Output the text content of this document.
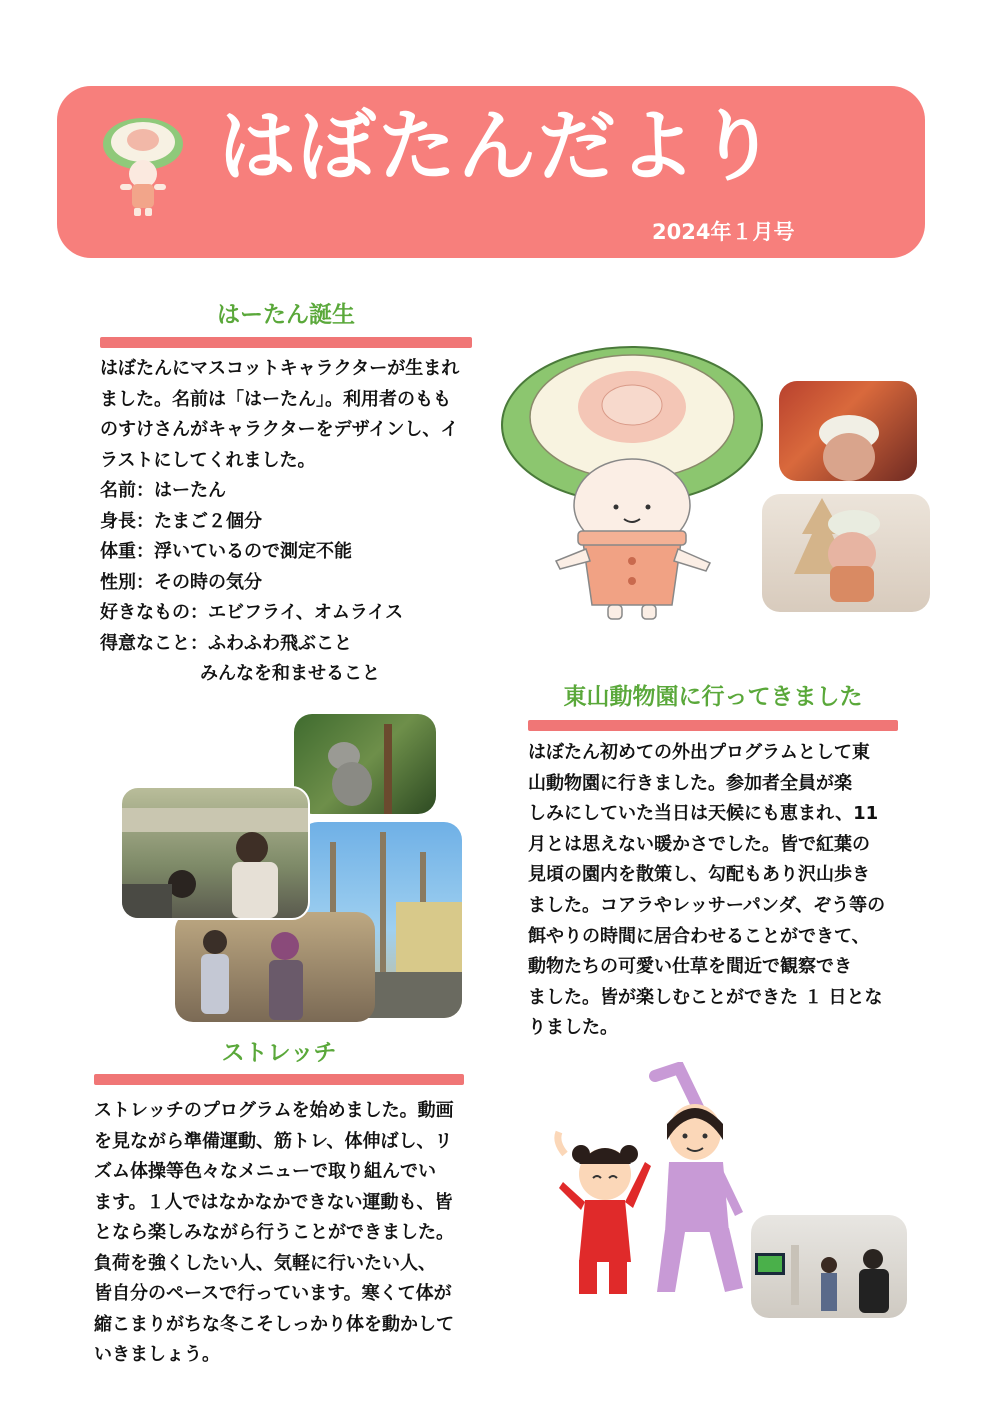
はぼたんだより
2024年１月号
はーたん誕生
はぼたんにマスコットキャラクターが生まれ
ました。名前は「はーたん」。利用者のもも
のすけさんがキャラクターをデザインし、イ
ラストにしてくれました。
名前：はーたん
身長：たまご２個分
体重：浮いているので測定不能
性別：その時の気分
好きなもの：エビフライ、オムライス
得意なこと：ふわふわ飛ぶこと
みんなを和ませること
東山動物園に行ってきました
はぼたん初めての外出プログラムとして東
山動物園に行きました。参加者全員が楽
しみにしていた当日は天候にも恵まれ、11
月とは思えない暖かさでした。皆で紅葉の
見頃の園内を散策し、勾配もあり沢山歩き
ました。コアラやレッサーパンダ、ぞう等の
餌やりの時間に居合わせることができて、
動物たちの可愛い仕草を間近で観察でき
ました。皆が楽しむことができた １ 日とな
りました。
ストレッチ
ストレッチのプログラムを始めました。動画
を見ながら準備運動、筋トレ、体伸ばし、リ
ズム体操等色々なメニューで取り組んでい
ます。１人ではなかなかできない運動も、皆
となら楽しみながら行うことができました。
負荷を強くしたい人、気軽に行いたい人、
皆自分のペースで行っています。寒くて体が
縮こまりがちな冬こそしっかり体を動かして
いきましょう。
